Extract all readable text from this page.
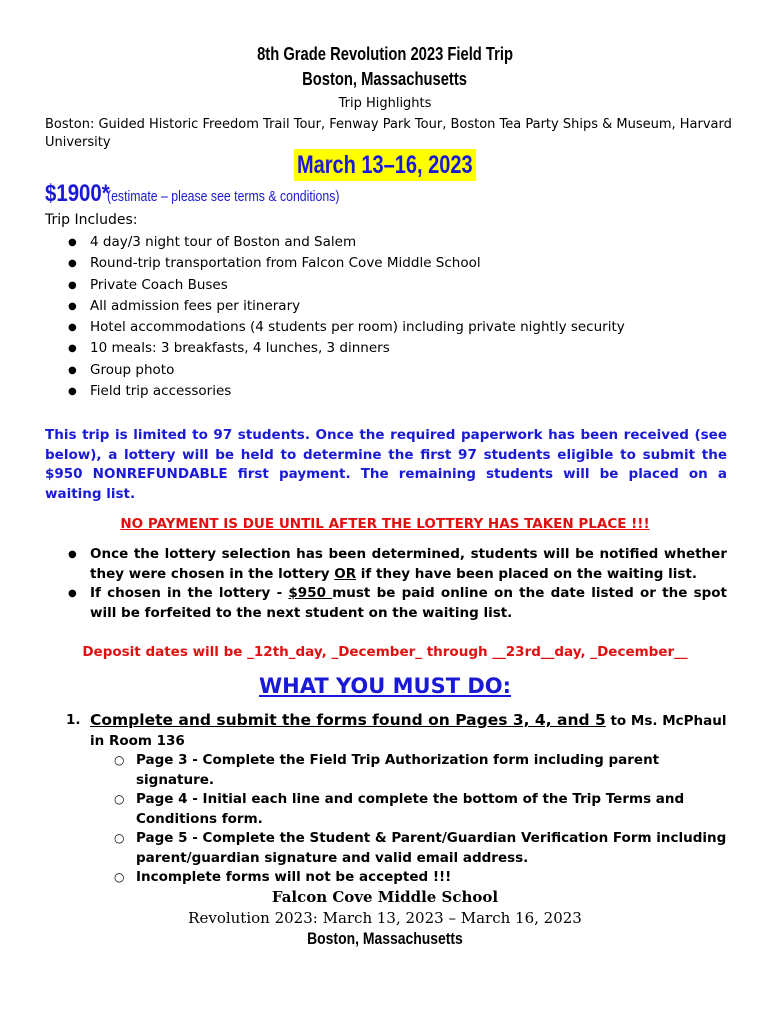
8th Grade Revolution 2023 Field Trip
Boston, Massachusetts
Trip Highlights
Boston: Guided Historic Freedom Trail Tour, Fenway Park Tour, Boston Tea Party Ships & Museum, Harvard University
March 13–16, 2023
$1900*(estimate – please see terms & conditions)
Trip Includes:
● 4 day/3 night tour of Boston and Salem
● Round-trip transportation from Falcon Cove Middle School
● Private Coach Buses
● All admission fees per itinerary
● Hotel accommodations (4 students per room) including private nightly security
● 10 meals: 3 breakfasts, 4 lunches, 3 dinners
● Group photo
● Field trip accessories
This trip is limited to 97 students. Once the required paperwork has been received (see below), a lottery will be held to determine the first 97 students eligible to submit the $950 NONREFUNDABLE first payment. The remaining students will be placed on a waiting list.
NO PAYMENT IS DUE UNTIL AFTER THE LOTTERY HAS TAKEN PLACE !!!
● Once the lottery selection has been determined, students will be notified whether they were chosen in the lottery OR if they have been placed on the waiting list.
● If chosen in the lottery - $950 must be paid online on the date listed or the spot will be forfeited to the next student on the waiting list.
Deposit dates will be _12th_day, _December_ through __23rd__day, _December__
WHAT YOU MUST DO:
1. Complete and submit the forms found on Pages 3, 4, and 5 to Ms. McPhaul in Room 136
○ Page 3 - Complete the Field Trip Authorization form including parent signature.
○ Page 4 - Initial each line and complete the bottom of the Trip Terms and Conditions form.
○ Page 5 - Complete the Student & Parent/Guardian Verification Form including parent/guardian signature and valid email address.
○ Incomplete forms will not be accepted !!!
Falcon Cove Middle School
Revolution 2023: March 13, 2023 – March 16, 2023
Boston, Massachusetts
